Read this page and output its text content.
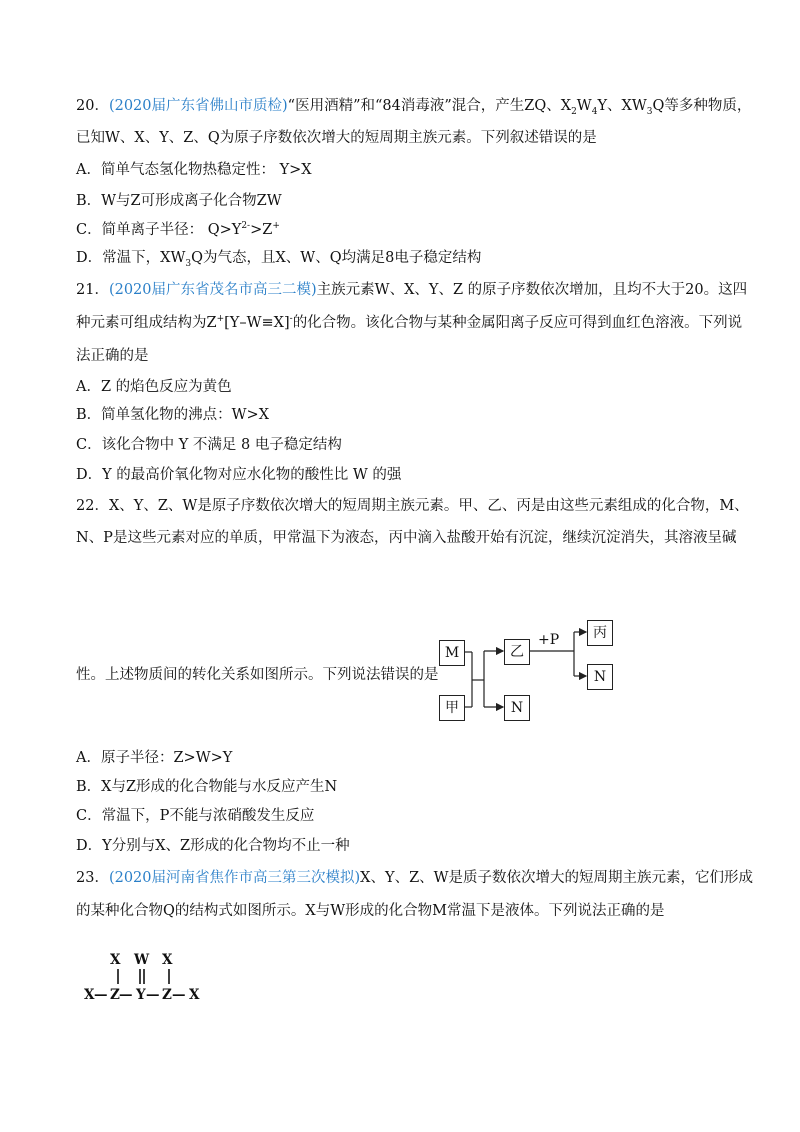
20．(2020届广东省佛山市质检)“医用酒精”和“84消毒液”混合，产生ZQ、$X_2W_4Y$、$XW_3Q$等多种物质，
已知W、X、Y、Z、Q为原子序数依次增大的短周期主族元素。下列叙述错误的是
A．简单气态氢化物热稳定性： Y>X
B．W与Z可形成离子化合物ZW
C．简单离子半径： $Q>Y^{2-}>Z^+$
D．常温下，$XW_3Q$为气态，且X、W、Q均满足8电子稳定结构
21．(2020届广东省茂名市高三二模)主族元素W、X、Y、Z 的原子序数依次增加，且均不大于20。这四
种元素可组成结构为Z+[Y–W≡X]-的化合物。该化合物与某种金属阳离子反应可得到血红色溶液。下列说
法正确的是
A．Z 的焰色反应为黄色
B．简单氢化物的沸点：W>X
C．该化合物中 Y 不满足 8 电子稳定结构
D．Y 的最高价氧化物对应水化物的酸性比 W 的强
22．X、Y、Z、W是原子序数依次增大的短周期主族元素。甲、乙、丙是由这些元素组成的化合物，M、
N、P是这些元素对应的单质，甲常温下为液态，丙中滴入盐酸开始有沉淀，继续沉淀消失，其溶液呈碱
性。上述物质间的转化关系如图所示。下列说法错误的是
M
甲
乙
N
丙
N
+P
A．原子半径：Z>W>Y
B．X与Z形成的化合物能与水反应产生N
C．常温下，P不能与浓硝酸发生反应
D．Y分别与X、Z形成的化合物均不止一种
23．(2020届河南省焦作市高三第三次模拟)X、Y、Z、W是质子数依次增大的短周期主族元素，它们形成
的某种化合物Q的结构式如图所示。X与W形成的化合物M常温下是液体。下列说法正确的是
X W X
X — Z — Y — Z — X
